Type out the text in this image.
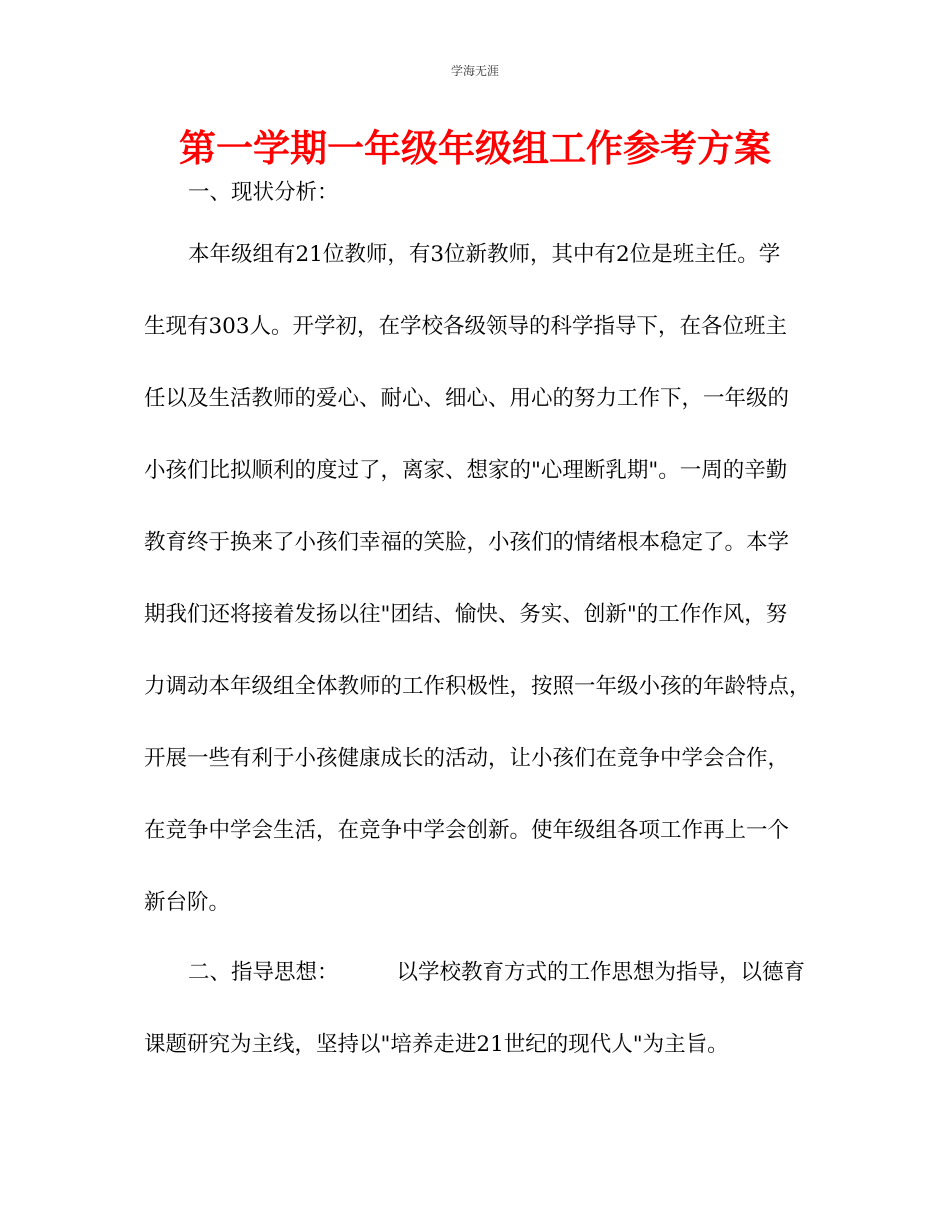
学海无涯
第一学期一年级年级组工作参考方案
一、现状分析：
本年级组有21位教师，有3位新教师，其中有2位是班主任。学
生现有303人。开学初，在学校各级领导的科学指导下，在各位班主
任以及生活教师的爱心、耐心、细心、用心的努力工作下，一年级的
小孩们比拟顺利的度过了，离家、想家的"心理断乳期"。一周的辛勤
教育终于换来了小孩们幸福的笑脸，小孩们的情绪根本稳定了。本学
期我们还将接着发扬以往"团结、愉快、务实、创新"的工作作风，努
力调动本年级组全体教师的工作积极性，按照一年级小孩的年龄特点，
开展一些有利于小孩健康成长的活动，让小孩们在竞争中学会合作，
在竞争中学会生活，在竞争中学会创新。使年级组各项工作再上一个
新台阶。
二、指导思想：	以学校教育方式的工作思想为指导，以德育
课题研究为主线，坚持以"培养走进21世纪的现代人"为主旨。
